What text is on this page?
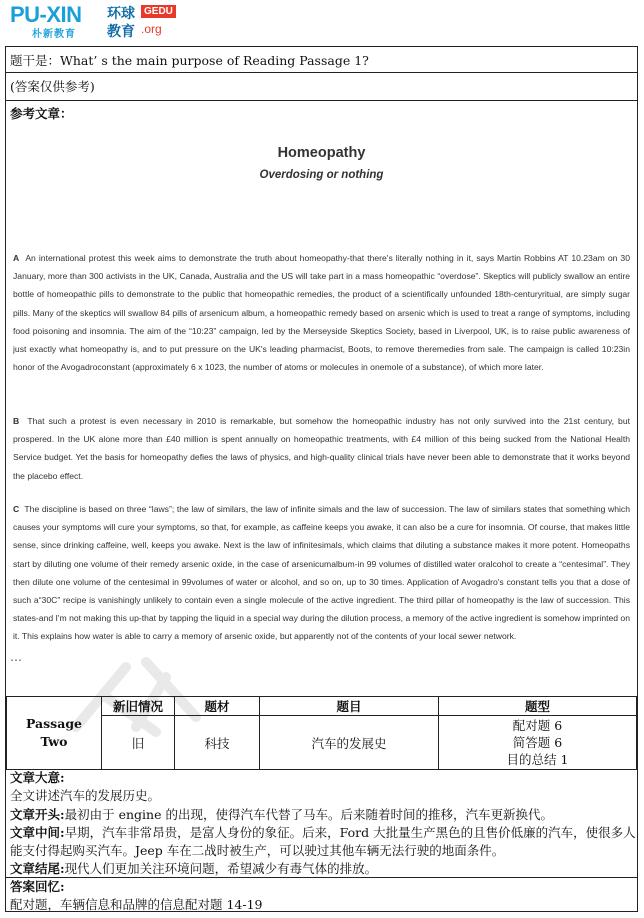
PU-XIN
朴新教育
环球
教育
GEDU
.org
题干是：What’ s the main purpose of Reading Passage 1?
(答案仅供参考)
参考文章：
Homeopathy
Overdosing or nothing

A An international protest this week aims to demonstrate the truth about homeopathy-that there's literally nothing in it, says Martin Robbins AT 10.23am on 30 January, more than 300 activists in the UK, Canada, Australia and the US will take part in a mass homeopathic “overdose”. Skeptics will publicly swallow an entire bottle of homeopathic pills to demonstrate to the public that homeopathic remedies, the product of a scientifically unfounded 18th-centuryritual, are simply sugar pills. Many of the skeptics will swallow 84 pills of arsenicum album, a homeopathic remedy based on arsenic which is used to treat a range of symptoms, including food poisoning and insomnia. The aim of the “10:23” campaign, led by the Merseyside Skeptics Society, based in Liverpool, UK, is to raise public awareness of just exactly what homeopathy is, and to put pressure on the UK's leading pharmacist, Boots, to remove theremedies from sale. The campaign is called 10:23in honor of the Avogadroconstant (approximately 6 x 1023, the number of atoms or molecules in onemole of a substance), of which more later.

B That such a protest is even necessary in 2010 is remarkable, but somehow the homeopathic industry has not only survived into the 21st century, but prospered. In the UK alone more than £40 million is spent annually on homeopathic treatments, with £4 million of this being sucked from the National Health Service budget. Yet the basis for homeopathy defies the laws of physics, and high-quality clinical trials have never been able to demonstrate that it works beyond the placebo effect.

C The discipline is based on three “laws”; the law of similars, the law of infinite simals and the law of succession. The law of similars states that something which causes your symptoms will cure your symptoms, so that, for example, as caffeine keeps you awake, it can also be a cure for insomnia. Of course, that makes little sense, since drinking caffeine, well, keeps you awake. Next is the law of infinitesimals, which claims that diluting a substance makes it more potent. Homeopaths start by diluting one volume of their remedy arsenic oxide, in the case of arsenicumalbum-in 99 volumes of distilled water oralcohol to create a “centesimal”. They then dilute one volume of the centesimal in 99volumes of water or alcohol, and so on, up to 30 times. Application of Avogadro's constant tells you that a dose of such a“30C” recipe is vanishingly unlikely to contain even a single molecule of the active ingredient. The third pillar of homeopathy is the law of succession. This states-and I'm not making this up-that by tapping the liquid in a special way during the dilution process, a memory of the active ingredient is somehow imprinted on it. This explains how water is able to carry a memory of arsenic oxide, but apparently not of the contents of your local sewer network.

…
Passage
Two	新旧情况	题材	题目	题型
	旧	科技	汽车的发展史	配对题 6
简答题 6
目的总结 1

文章大意:

全文讲述汽车的发展历史。

文章开头:最初由于 engine 的出现，使得汽车代替了马车。后来随着时间的推移，汽车更新换代。

文章中间:早期，汽车非常昂贵，是富人身份的象征。后来，Ford 大批量生产黑色的且售价低廉的汽车，使很多人能支付得起购买汽车。Jeep 车在二战时被生产，可以驶过其他车辆无法行驶的地面条件。

文章结尾:现代人们更加关注环境问题，希望减少有毒气体的排放。

答案回忆:

配对题，车辆信息和品牌的信息配对题 14-19
